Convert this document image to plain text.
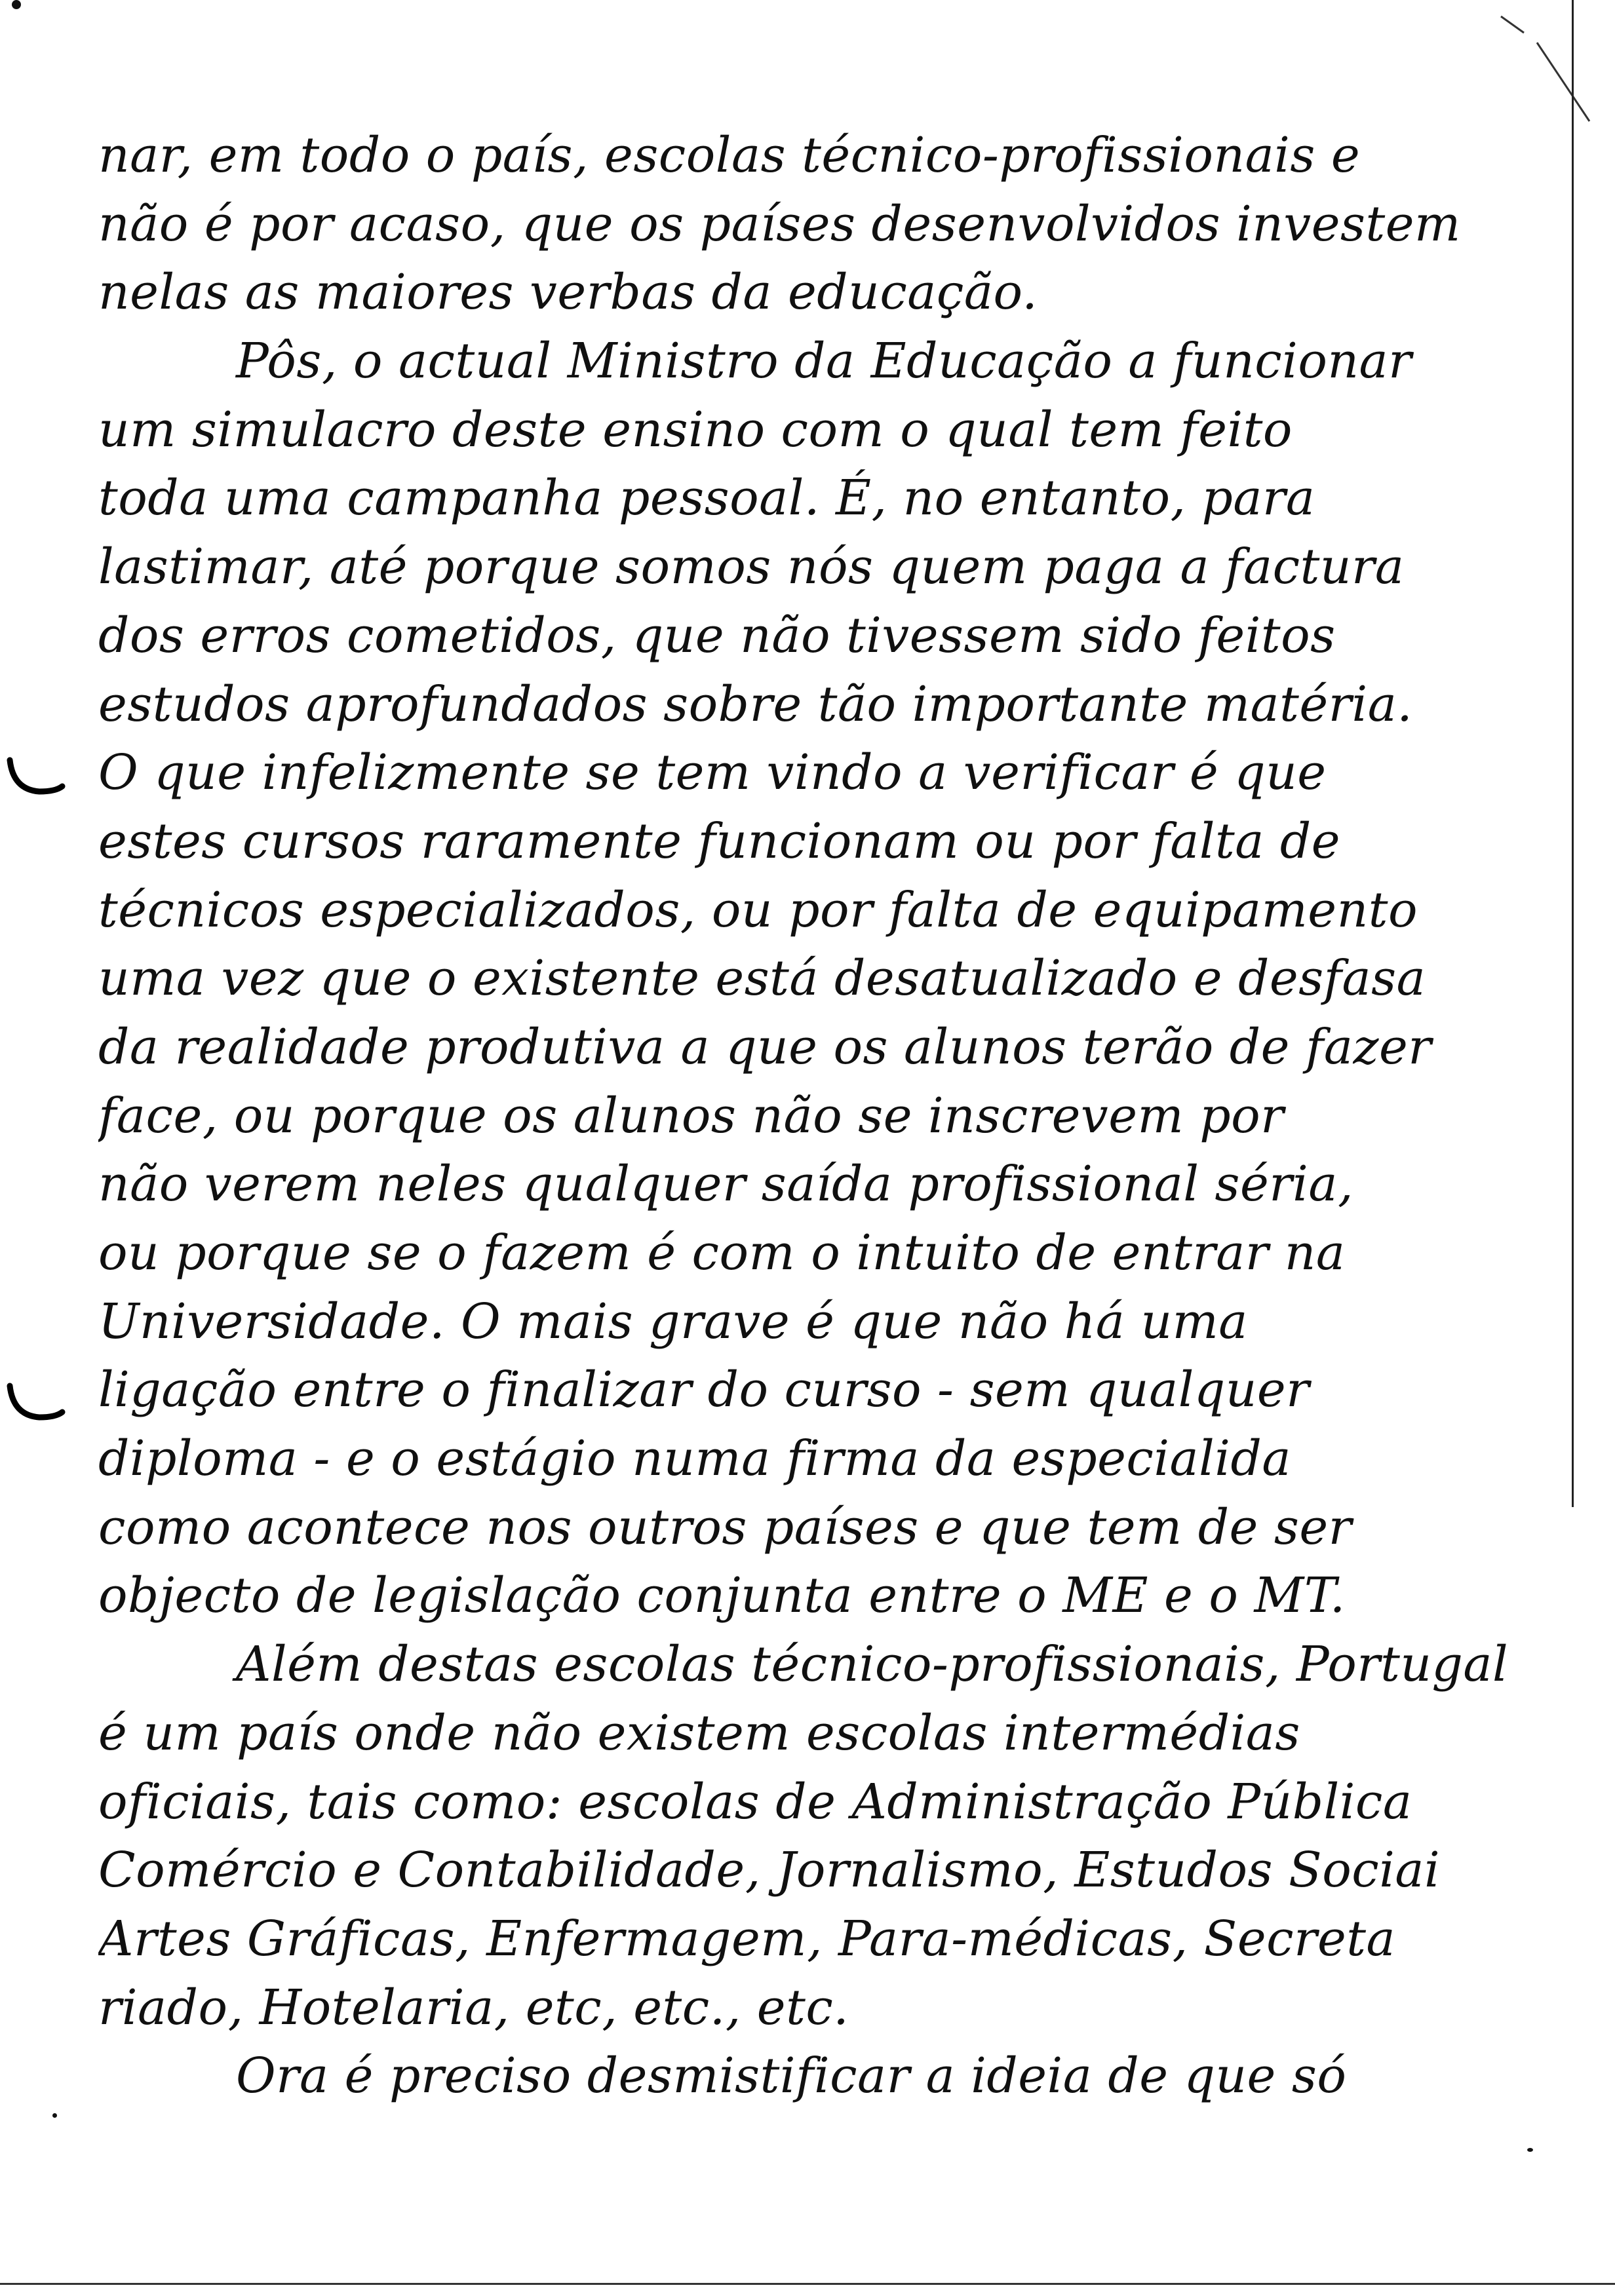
nar, em todo o país, escolas técnico-profissionais e
não é por acaso, que os países desenvolvidos investem
nelas as maiores verbas da educação.
Pôs, o actual Ministro da Educação a funcionar
um simulacro deste ensino com o qual tem feito
toda uma campanha pessoal. É, no entanto, para
lastimar, até porque somos nós quem paga a factura
dos erros cometidos, que não tivessem sido feitos
estudos aprofundados sobre tão importante matéria.
O que infelizmente se tem vindo a verificar é que
estes cursos raramente funcionam ou por falta de
técnicos especializados, ou por falta de equipamento
uma vez que o existente está desatualizado e desfasa
da realidade produtiva a que os alunos terão de fazer
face, ou porque os alunos não se inscrevem por
não verem neles qualquer saída profissional séria,
ou porque se o fazem é com o intuito de entrar na
Universidade. O mais grave é que não há uma
ligação entre o finalizar do curso - sem qualquer
diploma - e o estágio numa firma da especialida
como acontece nos outros países e que tem de ser
objecto de legislação conjunta entre o ME e o MT.
Além destas escolas técnico-profissionais, Portugal
é um país onde não existem escolas intermédias
oficiais, tais como: escolas de Administração Pública
Comércio e Contabilidade, Jornalismo, Estudos Sociai
Artes Gráficas, Enfermagem, Para-médicas, Secreta
riado, Hotelaria, etc, etc., etc.
Ora é preciso desmistificar a ideia de que só
